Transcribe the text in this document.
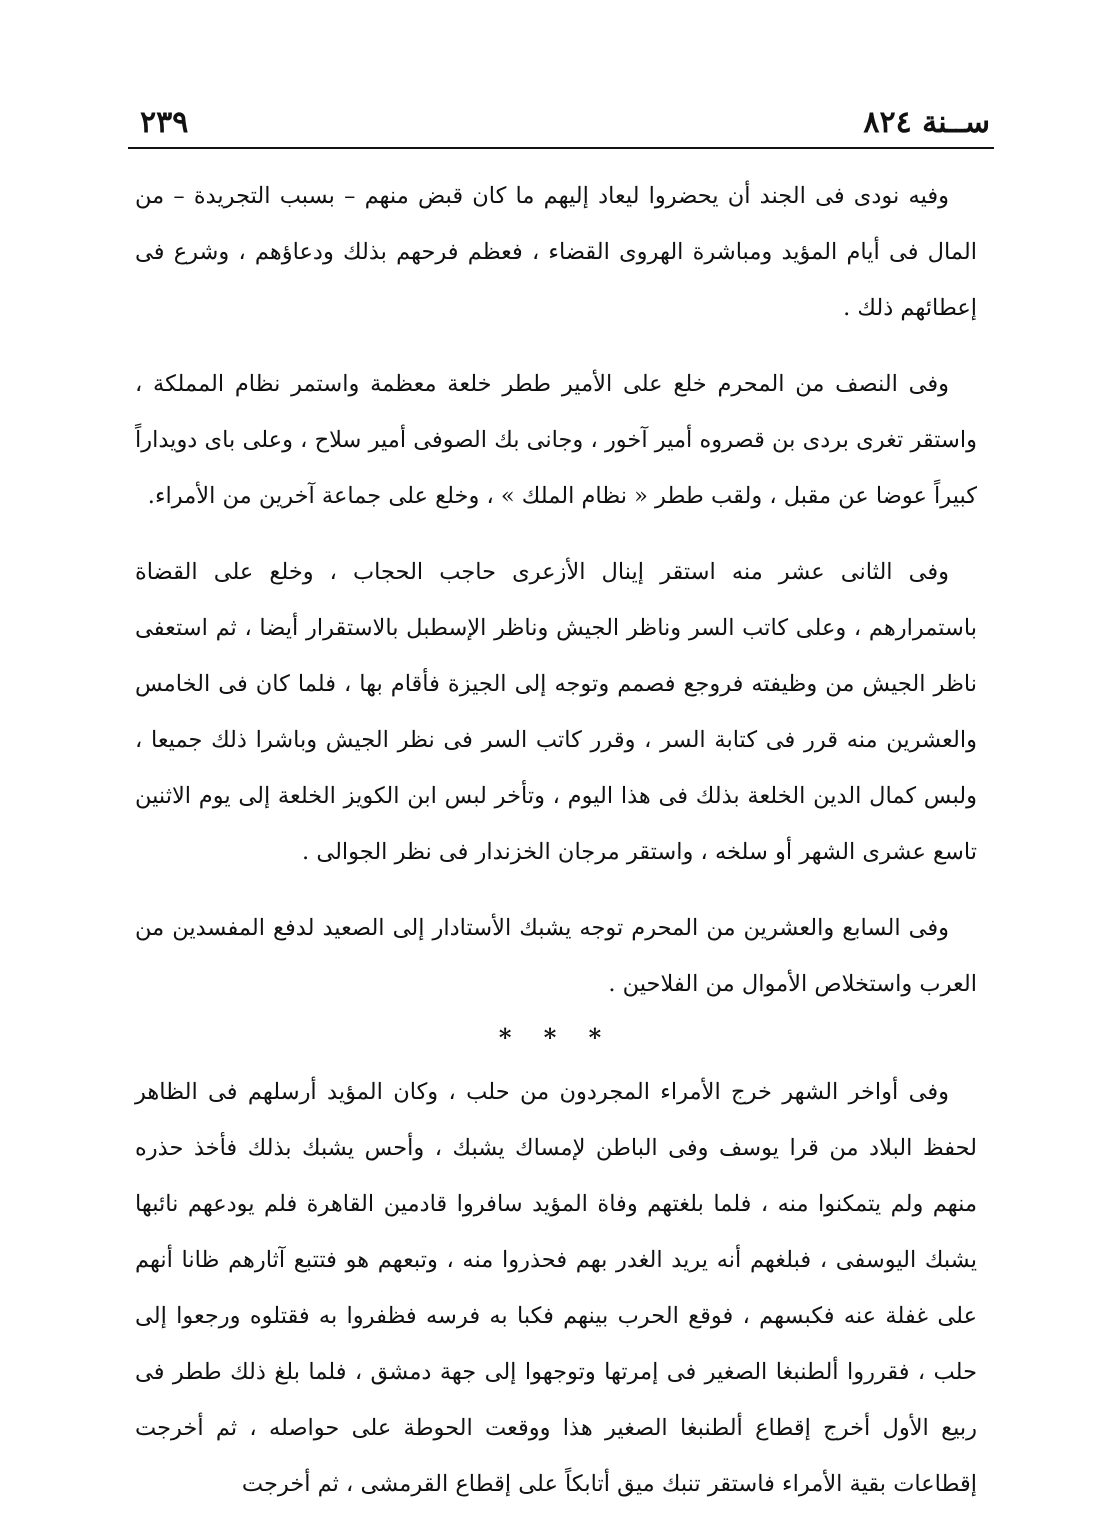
٢٣٩	ســنة ٨٢٤

وفيه نودى فى الجند أن يحضروا ليعاد إليهم ما كان قبض منهم – بسبب التجريدة – من المال فى أيام المؤيد ومباشرة الهروى القضاء ، فعظم فرحهم بذلك ودعاؤهم ، وشرع فى إعطائهم ذلك .

وفى النصف من المحرم خلع على الأمير ططر خلعة معظمة واستمر نظام المملكة ، واستقر تغرى بردى بن قصروه أمير آخور ، وجانى بك الصوفى أمير سلاح ، وعلى باى دويداراً كبيراً عوضا عن مقبل ، ولقب ططر « نظام الملك » ، وخلع على جماعة آخرين من الأمراء.

وفى الثانى عشر منه استقر إينال الأزعرى حاجب الحجاب ، وخلع على القضاة باستمرارهم ، وعلى كاتب السر وناظر الجيش وناظر الإسطبل بالاستقرار أيضا ، ثم استعفى ناظر الجيش من وظيفته فروجع فصمم وتوجه إلى الجيزة فأقام بها ، فلما كان فى الخامس والعشرين منه قرر فى كتابة السر ، وقرر كاتب السر فى نظر الجيش وباشرا ذلك جميعا ، ولبس كمال الدين الخلعة بذلك فى هذا اليوم ، وتأخر لبس ابن الكويز الخلعة إلى يوم الاثنين تاسع عشرى الشهر أو سلخه ، واستقر مرجان الخزندار فى نظر الجوالى .

وفى السابع والعشرين من المحرم توجه يشبك الأستادار إلى الصعيد لدفع المفسدين من العرب واستخلاص الأموال من الفلاحين .

* * *

وفى أواخر الشهر خرج الأمراء المجردون من حلب ، وكان المؤيد أرسلهم فى الظاهر لحفظ البلاد من قرا يوسف وفى الباطن لإمساك يشبك ، وأحس يشبك بذلك فأخذ حذره منهم ولم يتمكنوا منه ، فلما بلغتهم وفاة المؤيد سافروا قادمين القاهرة فلم يودعهم نائبها يشبك اليوسفى ، فبلغهم أنه يريد الغدر بهم فحذروا منه ، وتبعهم هو فتتبع آثارهم ظانا أنهم على غفلة عنه فكبسهم ، فوقع الحرب بينهم فكبا به فرسه فظفروا به فقتلوه ورجعوا إلى حلب ، فقرروا ألطنبغا الصغير فى إمرتها وتوجهوا إلى جهة دمشق ، فلما بلغ ذلك ططر فى ربيع الأول أخرج إقطاع ألطنبغا الصغير هذا ووقعت الحوطة على حواصله ، ثم أخرجت إقطاعات بقية الأمراء فاستقر تنبك ميق أتابكاً على إقطاع القرمشى ، ثم أخرجت
